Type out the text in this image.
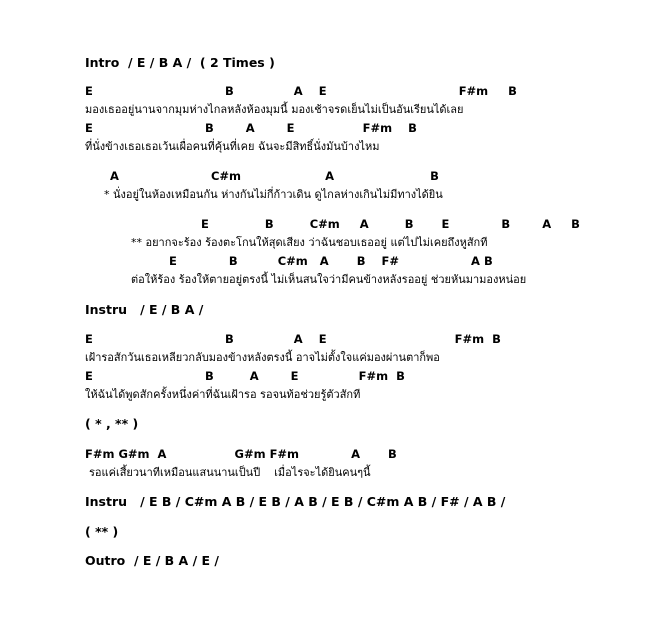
Intro  / E / B A /  ( 2 Times )
E                                 B               A    E                                 F#m     B
มองเธออยู่นานจากมุมห่างไกลหลังห้องมุมนี้ มองเช้าจรดเย็นไม่เป็นอันเรียนได้เลย
E                            B        A        E                 F#m    B
ที่นั่งข้างเธอเธอเว้นเผื่อคนที่คุ้นที่เคย ฉันจะมีสิทธิ์นั่งมันบ้างไหม
A                       C#m                     A                        B
* นั่งอยู่ในห้องเหมือนกัน ห่างกันไม่กี่ก้าวเดิน ดูไกลห่างเกินไม่มีทางได้ยิน
E              B         C#m     A         B       E             B        A     B
** อยากจะร้อง ร้องตะโกนให้สุดเสียง ว่าฉันชอบเธออยู่ แต่ไปไม่เคยถึงหูสักที
E             B          C#m   A       B    F#                  A B
ต่อให้ร้อง ร้องให้ตายอยู่ตรงนี้ ไม่เห็นสนใจว่ามีคนข้างหลังรออยู่ ช่วยหันมามองหน่อย
Instru   / E / B A /
E                                 B               A    E                                F#m  B
เฝ้ารอสักวันเธอเหลียวกลับมองข้างหลังตรงนี้ อาจไม่ตั้งใจแค่มองผ่านตาก็พอ
E                            B         A        E               F#m  B
ให้ฉันได้พูดสักครั้งหนึ่งค่าที่ฉันเฝ้ารอ รอจนท้อช่วยรู้ตัวสักที
( * , ** )
F#m G#m  A                 G#m F#m             A       B
รอแค่เสี้ยวนาทีเหมือนแสนนานเป็นปี    เมื่อไรจะได้ยินคนๆนี้
Instru   / E B / C#m A B / E B / A B / E B / C#m A B / F# / A B /
( ** )
Outro  / E / B A / E /
